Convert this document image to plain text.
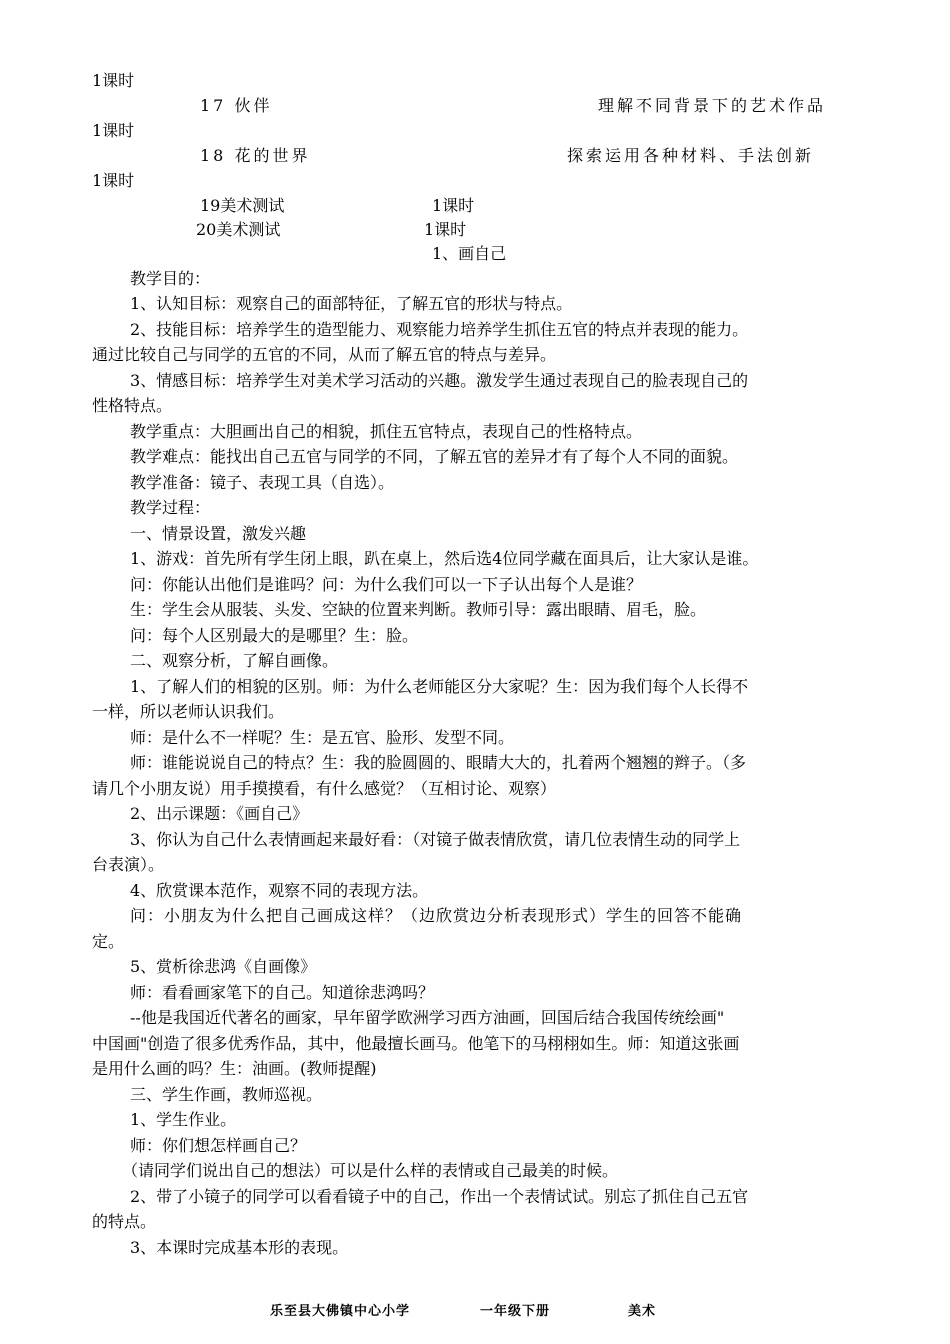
1课时
17 伙伴	理解不同背景下的艺术作品
1课时
18 花的世界	探索运用各种材料、手法创新
1课时
19美术测试	1课时
20美术测试	1课时
1、画自己
教学目的：
1、认知目标：观察自己的面部特征，了解五官的形状与特点。
2、技能目标：培养学生的造型能力、观察能力培养学生抓住五官的特点并表现的能力。
通过比较自己与同学的五官的不同，从而了解五官的特点与差异。
3、情感目标：培养学生对美术学习活动的兴趣。激发学生通过表现自己的脸表现自己的
性格特点。
教学重点：大胆画出自己的相貌，抓住五官特点，表现自己的性格特点。
教学难点：能找出自己五官与同学的不同，了解五官的差异才有了每个人不同的面貌。
教学准备：镜子、表现工具（自选）。
教学过程：
一、情景设置，激发兴趣
1、游戏：首先所有学生闭上眼，趴在桌上，然后选4位同学藏在面具后，让大家认是谁。
问：你能认出他们是谁吗？问：为什么我们可以一下子认出每个人是谁？
生：学生会从服装、头发、空缺的位置来判断。教师引导：露出眼睛、眉毛，脸。
问：每个人区别最大的是哪里？生：脸。
二、观察分析，了解自画像。
1、了解人们的相貌的区别。师：为什么老师能区分大家呢？生：因为我们每个人长得不
一样，所以老师认识我们。
师：是什么不一样呢？生：是五官、脸形、发型不同。
师：谁能说说自己的特点？生：我的脸圆圆的、眼睛大大的，扎着两个翘翘的辫子。（多
请几个小朋友说）用手摸摸看，有什么感觉？（互相讨论、观察）
2、出示课题：《画自己》
3、你认为自己什么表情画起来最好看：（对镜子做表情欣赏，请几位表情生动的同学上
台表演）。
4、欣赏课本范作，观察不同的表现方法。
问：小朋友为什么把自己画成这样？（边欣赏边分析表现形式）学生的回答不能确
定。
5、赏析徐悲鸿《自画像》
师：看看画家笔下的自己。知道徐悲鸿吗？
--他是我国近代著名的画家，早年留学欧洲学习西方油画，回国后结合我国传统绘画"
中国画"创造了很多优秀作品，其中，他最擅长画马。他笔下的马栩栩如生。师：知道这张画
是用什么画的吗？生：油画。(教师提醒)
三、学生作画，教师巡视。
1、学生作业。
师：你们想怎样画自己？
（请同学们说出自己的想法）可以是什么样的表情或自己最美的时候。
2、带了小镜子的同学可以看看镜子中的自己，作出一个表情试试。别忘了抓住自己五官
的特点。
3、本课时完成基本形的表现。
乐至县大佛镇中心小学	一年级下册	美术
